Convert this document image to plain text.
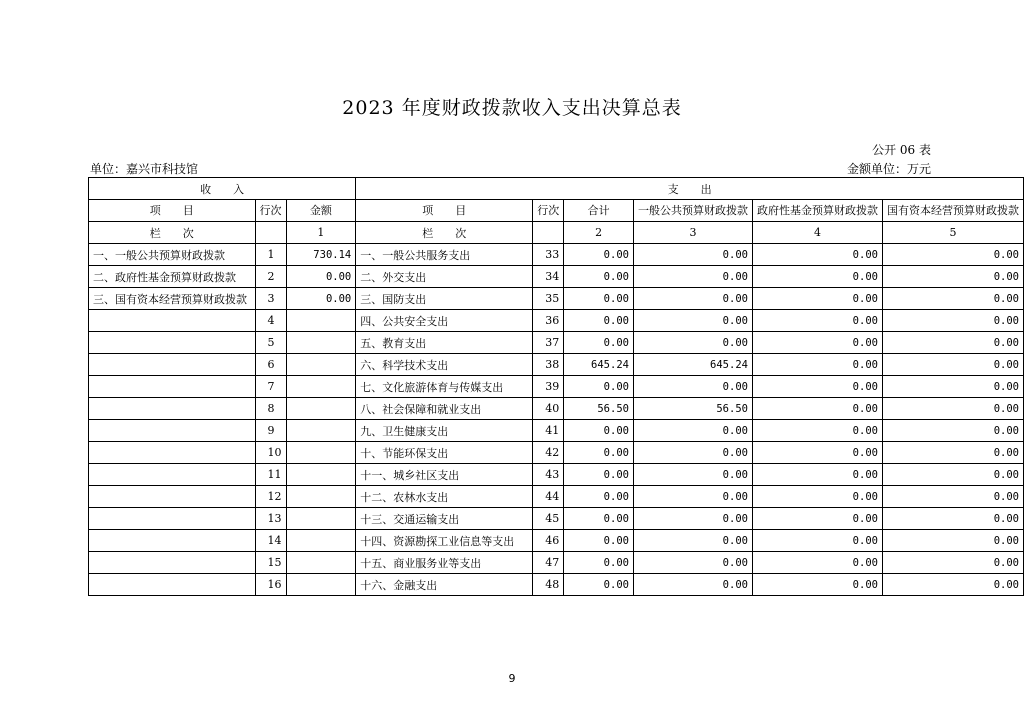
2023 年度财政拨款收入支出决算总表
公开 06 表
单位：嘉兴市科技馆	金额单位：万元
收　　入			支　　出					
项　　目	行次	金额	项　　目	行次	合计	一般公共预算财政拨款	政府性基金预算财政拨款	国有资本经营预算财政拨款
栏　　次		1	栏　　次		2	3	4	5
一、一般公共预算财政拨款	1	730.14	一、一般公共服务支出	33	0.00	0.00	0.00	0.00
二、政府性基金预算财政拨款	2	0.00	二、外交支出	34	0.00	0.00	0.00	0.00
三、国有资本经营预算财政拨款	3	0.00	三、国防支出	35	0.00	0.00	0.00	0.00
	4		四、公共安全支出	36	0.00	0.00	0.00	0.00
	5		五、教育支出	37	0.00	0.00	0.00	0.00
	6		六、科学技术支出	38	645.24	645.24	0.00	0.00
	7		七、文化旅游体育与传媒支出	39	0.00	0.00	0.00	0.00
	8		八、社会保障和就业支出	40	56.50	56.50	0.00	0.00
	9		九、卫生健康支出	41	0.00	0.00	0.00	0.00
	10		十、节能环保支出	42	0.00	0.00	0.00	0.00
	11		十一、城乡社区支出	43	0.00	0.00	0.00	0.00
	12		十二、农林水支出	44	0.00	0.00	0.00	0.00
	13		十三、交通运输支出	45	0.00	0.00	0.00	0.00
	14		十四、资源勘探工业信息等支出	46	0.00	0.00	0.00	0.00
	15		十五、商业服务业等支出	47	0.00	0.00	0.00	0.00
	16		十六、金融支出	48	0.00	0.00	0.00	0.00
9
